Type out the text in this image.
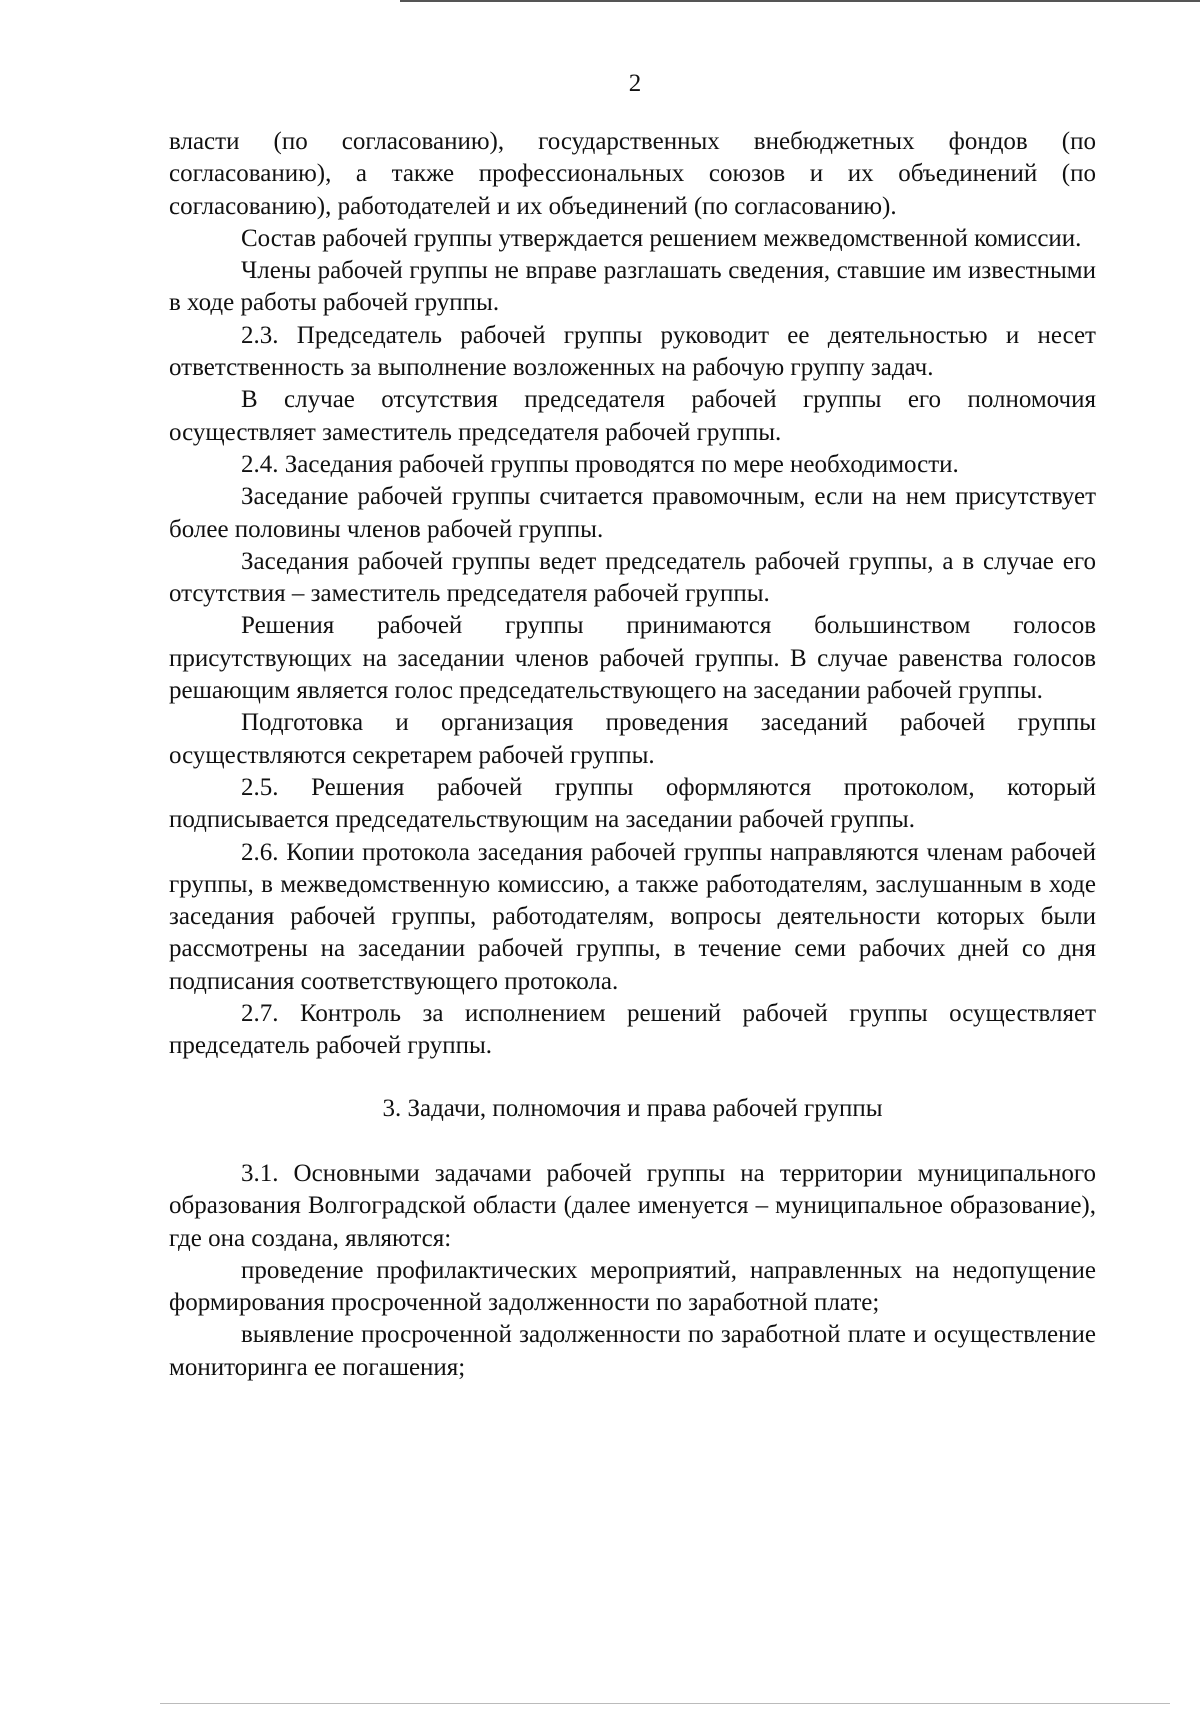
2

власти (по согласованию), государственных внебюджетных фондов (по согласованию), а также профессиональных союзов и их объединений (по согласованию), работодателей и их объединений (по согласованию).

Состав рабочей группы утверждается решением межведомственной комиссии.

Члены рабочей группы не вправе разглашать сведения, ставшие им известными в ходе работы рабочей группы.

2.3. Председатель рабочей группы руководит ее деятельностью и несет ответственность за выполнение возложенных на рабочую группу задач.

В случае отсутствия председателя рабочей группы его полномочия осуществляет заместитель председателя рабочей группы.

2.4. Заседания рабочей группы проводятся по мере необходимости.

Заседание рабочей группы считается правомочным, если на нем присутствует более половины членов рабочей группы.

Заседания рабочей группы ведет председатель рабочей группы, а в случае его отсутствия – заместитель председателя рабочей группы.

Решения рабочей группы принимаются большинством голосов присутствующих на заседании членов рабочей группы. В случае равенства голосов решающим является голос председательствующего на заседании рабочей группы.

Подготовка и организация проведения заседаний рабочей группы осуществляются секретарем рабочей группы.

2.5. Решения рабочей группы оформляются протоколом, который подписывается председательствующим на заседании рабочей группы.

2.6. Копии протокола заседания рабочей группы направляются членам рабочей группы, в межведомственную комиссию, а также работодателям, заслушанным в ходе заседания рабочей группы, работодателям, вопросы деятельности которых были рассмотрены на заседании рабочей группы, в течение семи рабочих дней со дня подписания соответствующего протокола.

2.7. Контроль за исполнением решений рабочей группы осуществляет председатель рабочей группы.

3. Задачи, полномочия и права рабочей группы

3.1. Основными задачами рабочей группы на территории муниципального образования Волгоградской области (далее именуется – муниципальное образование), где она создана, являются:

проведение профилактических мероприятий, направленных на недопущение формирования просроченной задолженности по заработной плате;

выявление просроченной задолженности по заработной плате и осуществление мониторинга ее погашения;
